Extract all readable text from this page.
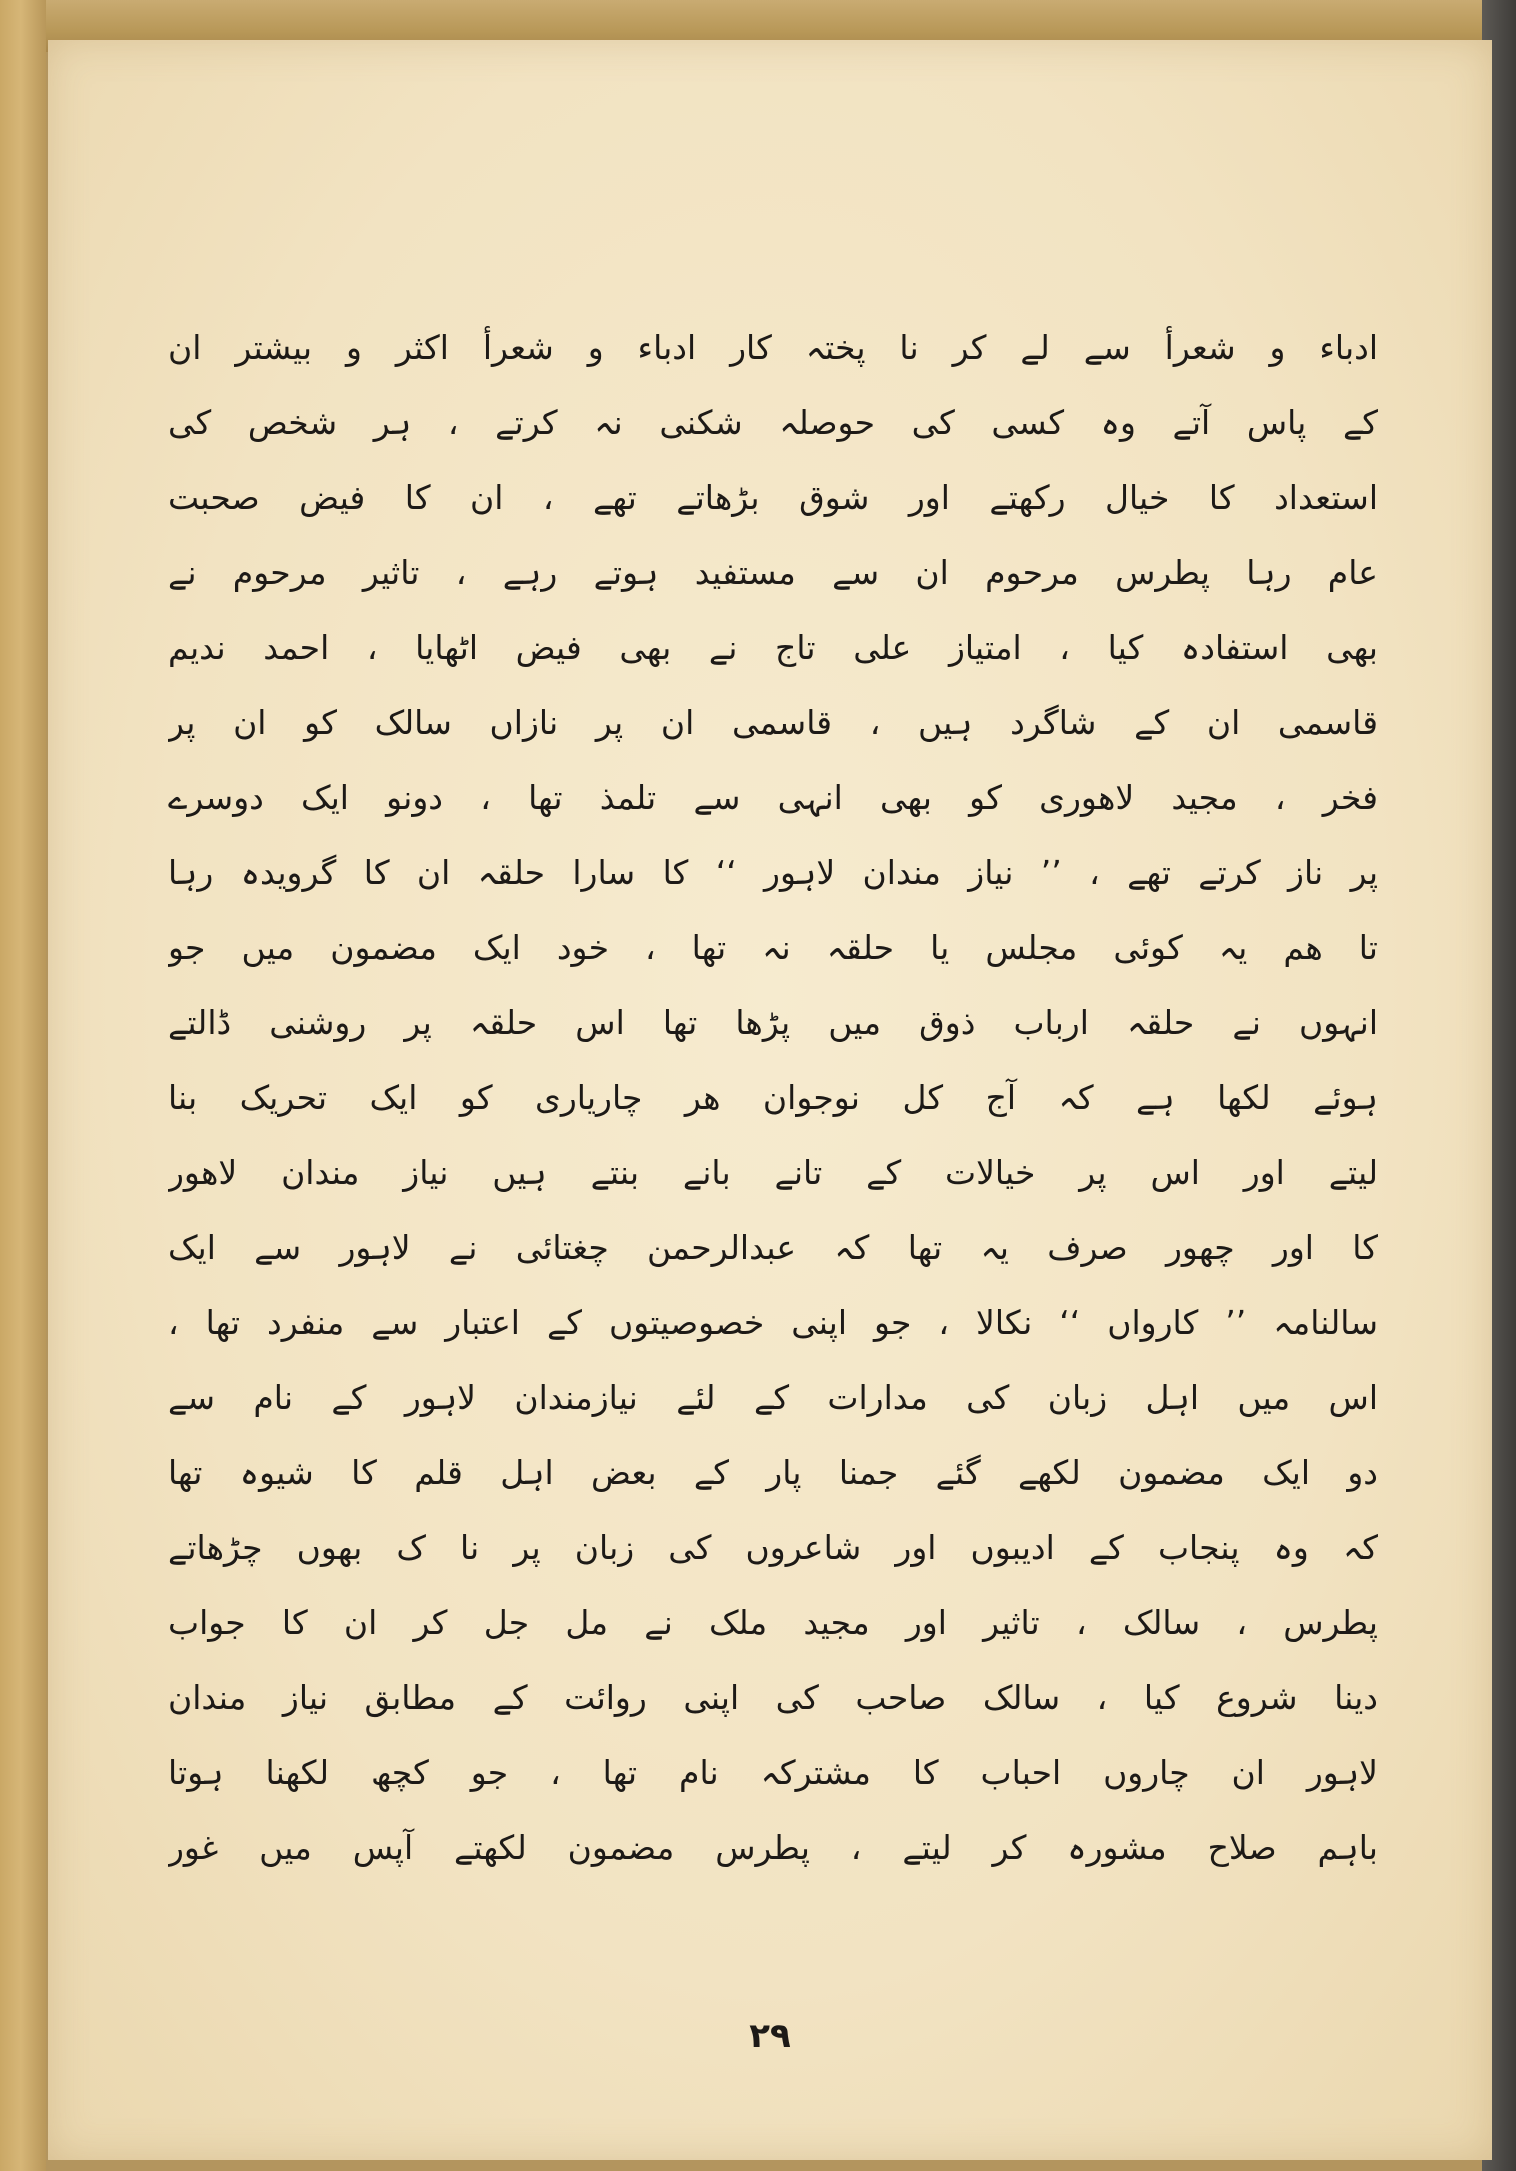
ادباء و شعرأ سے لے کر نا پختہ کار ادباء و شعرأ اکثر و بیشتر ان
کے پاس آتے وہ کسی کی حوصلہ شکنی نہ کرتے ، ہر شخص کی
استعداد کا خیال رکھتے اور شوق بڑھاتے تھے ، ان کا فیض صحبت
عام رہا پطرس مرحوم ان سے مستفید ہوتے رہے ، تاثیر مرحوم نے
بھی استفادہ کیا ، امتیاز علی تاج نے بھی فیض اٹھایا ، احمد ندیم
قاسمی ان کے شاگرد ہیں ، قاسمی ان پر نازاں سالک کو ان پر
فخر ، مجید لاھوری کو بھی انہی سے تلمذ تھا ، دونو ایک دوسرے
پر ناز کرتے تھے ، ’’ نیاز مندان لاہور ‘‘ کا سارا حلقہ ان کا گرویدہ رہا
تا ھم یہ کوئی مجلس یا حلقہ نہ تھا ، خود ایک مضمون میں جو
انہوں نے حلقہ ارباب ذوق میں پڑھا تھا اس حلقہ پر روشنی ڈالتے
ہوئے لکھا ہے کہ آج کل نوجوان ھر چاریاری کو ایک تحریک بنا
لیتے اور اس پر خیالات کے تانے بانے بنتے ہیں نیاز مندان لاھور
کا اور چھور صرف یہ تھا کہ عبدالرحمن چغتائی نے لاہور سے ایک
سالنامہ ’’ کارواں ‘‘ نکالا ، جو اپنی خصوصیتوں کے اعتبار سے منفرد تھا ،
اس میں اہل زبان کی مدارات کے لئے نیازمندان لاہور کے نام سے
دو ایک مضمون لکھے گئے جمنا پار کے بعض اہل قلم کا شیوہ تھا
کہ وہ پنجاب کے ادیبوں اور شاعروں کی زبان پر نا ک بھوں چڑھاتے
پطرس ، سالک ، تاثیر اور مجید ملک نے مل جل کر ان کا جواب
دینا شروع کیا ، سالک صاحب کی اپنی روائت کے مطابق نیاز مندان
لاہور ان چاروں احباب کا مشترکہ نام تھا ، جو کچھ لکھنا ہوتا
باہم صلاح مشورہ کر لیتے ، پطرس مضمون لکھتے آپس میں غور
۲۹
